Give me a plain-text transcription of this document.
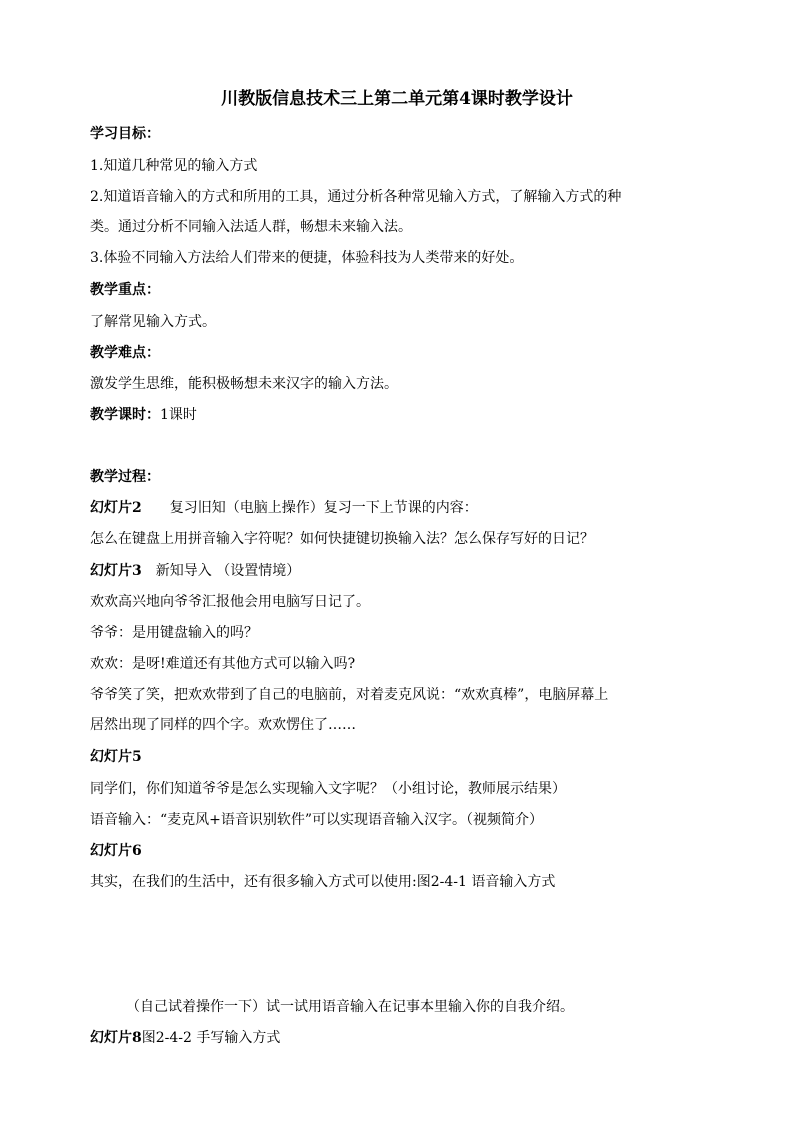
川教版信息技术三上第二单元第4课时教学设计
学习目标：
1.知道几种常见的输入方式
2.知道语音输入的方式和所用的工具，通过分析各种常见输入方式，了解输入方式的种
类。通过分析不同输入法适人群，畅想未来输入法。
3.体验不同输入方法给人们带来的便捷，体验科技为人类带来的好处。
教学重点：
了解常见输入方式。
教学难点：
激发学生思维，能积极畅想未来汉字的输入方法。
教学课时：1课时
教学过程：
幻灯片2 复习旧知（电脑上操作）复习一下上节课的内容：
怎么在键盘上用拼音输入字符呢？如何快捷键切换输入法？怎么保存写好的日记？
幻灯片3 新知导入 （设置情境）
欢欢高兴地向爷爷汇报他会用电脑写日记了。
爷爷：是用键盘输入的吗？
欢欢：是呀!难道还有其他方式可以输入吗?
爷爷笑了笑，把欢欢带到了自己的电脑前，对着麦克风说：“欢欢真棒”，电脑屏幕上
居然出现了同样的四个字。欢欢愣住了……
幻灯片5
同学们，你们知道爷爷是怎么实现输入文字呢？（小组讨论，教师展示结果）
语音输入：“麦克风+语音识别软件”可以实现语音输入汉字。（视频简介）
幻灯片6
其实，在我们的生活中，还有很多输入方式可以使用:图2-4-1 语音输入方式
（自己试着操作一下）试一试用语音输入在记事本里输入你的自我介绍。
幻灯片8图2-4-2 手写输入方式
